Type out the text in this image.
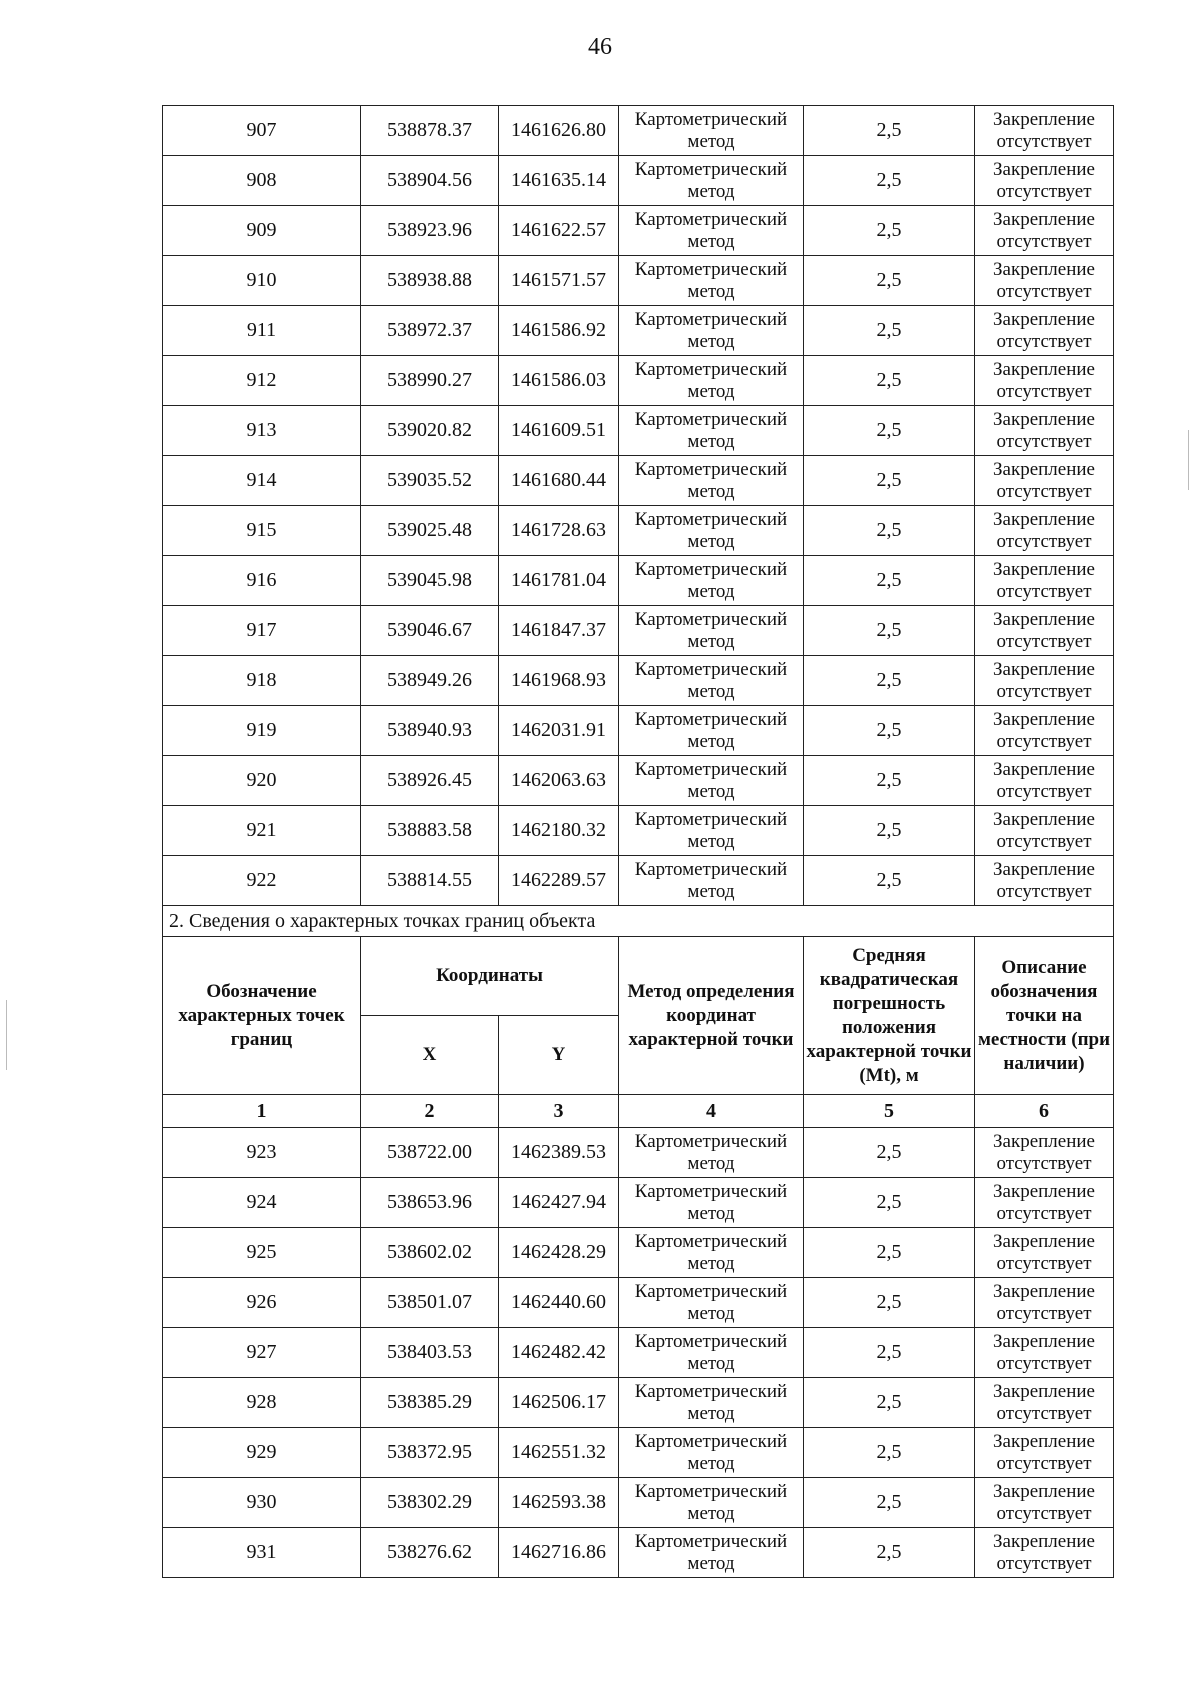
46
907	538878.37	1461626.80	Картометрический метод	2,5	Закрепление отсутствует
908	538904.56	1461635.14	Картометрический метод	2,5	Закрепление отсутствует
909	538923.96	1461622.57	Картометрический метод	2,5	Закрепление отсутствует
910	538938.88	1461571.57	Картометрический метод	2,5	Закрепление отсутствует
911	538972.37	1461586.92	Картометрический метод	2,5	Закрепление отсутствует
912	538990.27	1461586.03	Картометрический метод	2,5	Закрепление отсутствует
913	539020.82	1461609.51	Картометрический метод	2,5	Закрепление отсутствует
914	539035.52	1461680.44	Картометрический метод	2,5	Закрепление отсутствует
915	539025.48	1461728.63	Картометрический метод	2,5	Закрепление отсутствует
916	539045.98	1461781.04	Картометрический метод	2,5	Закрепление отсутствует
917	539046.67	1461847.37	Картометрический метод	2,5	Закрепление отсутствует
918	538949.26	1461968.93	Картометрический метод	2,5	Закрепление отсутствует
919	538940.93	1462031.91	Картометрический метод	2,5	Закрепление отсутствует
920	538926.45	1462063.63	Картометрический метод	2,5	Закрепление отсутствует
921	538883.58	1462180.32	Картометрический метод	2,5	Закрепление отсутствует
922	538814.55	1462289.57	Картометрический метод	2,5	Закрепление отсутствует
2. Сведения о характерных точках границ объекта					
Обозначение характерных точек границ	Координаты		Метод определения координат характерной точки	Средняя квадратическая погрешность положения характерной точки (Mt), м	Описание обозначения точки на местности (при наличии)
	X	Y			
1	2	3	4	5	6
923	538722.00	1462389.53	Картометрический метод	2,5	Закрепление отсутствует
924	538653.96	1462427.94	Картометрический метод	2,5	Закрепление отсутствует
925	538602.02	1462428.29	Картометрический метод	2,5	Закрепление отсутствует
926	538501.07	1462440.60	Картометрический метод	2,5	Закрепление отсутствует
927	538403.53	1462482.42	Картометрический метод	2,5	Закрепление отсутствует
928	538385.29	1462506.17	Картометрический метод	2,5	Закрепление отсутствует
929	538372.95	1462551.32	Картометрический метод	2,5	Закрепление отсутствует
930	538302.29	1462593.38	Картометрический метод	2,5	Закрепление отсутствует
931	538276.62	1462716.86	Картометрический метод	2,5	Закрепление отсутствует
